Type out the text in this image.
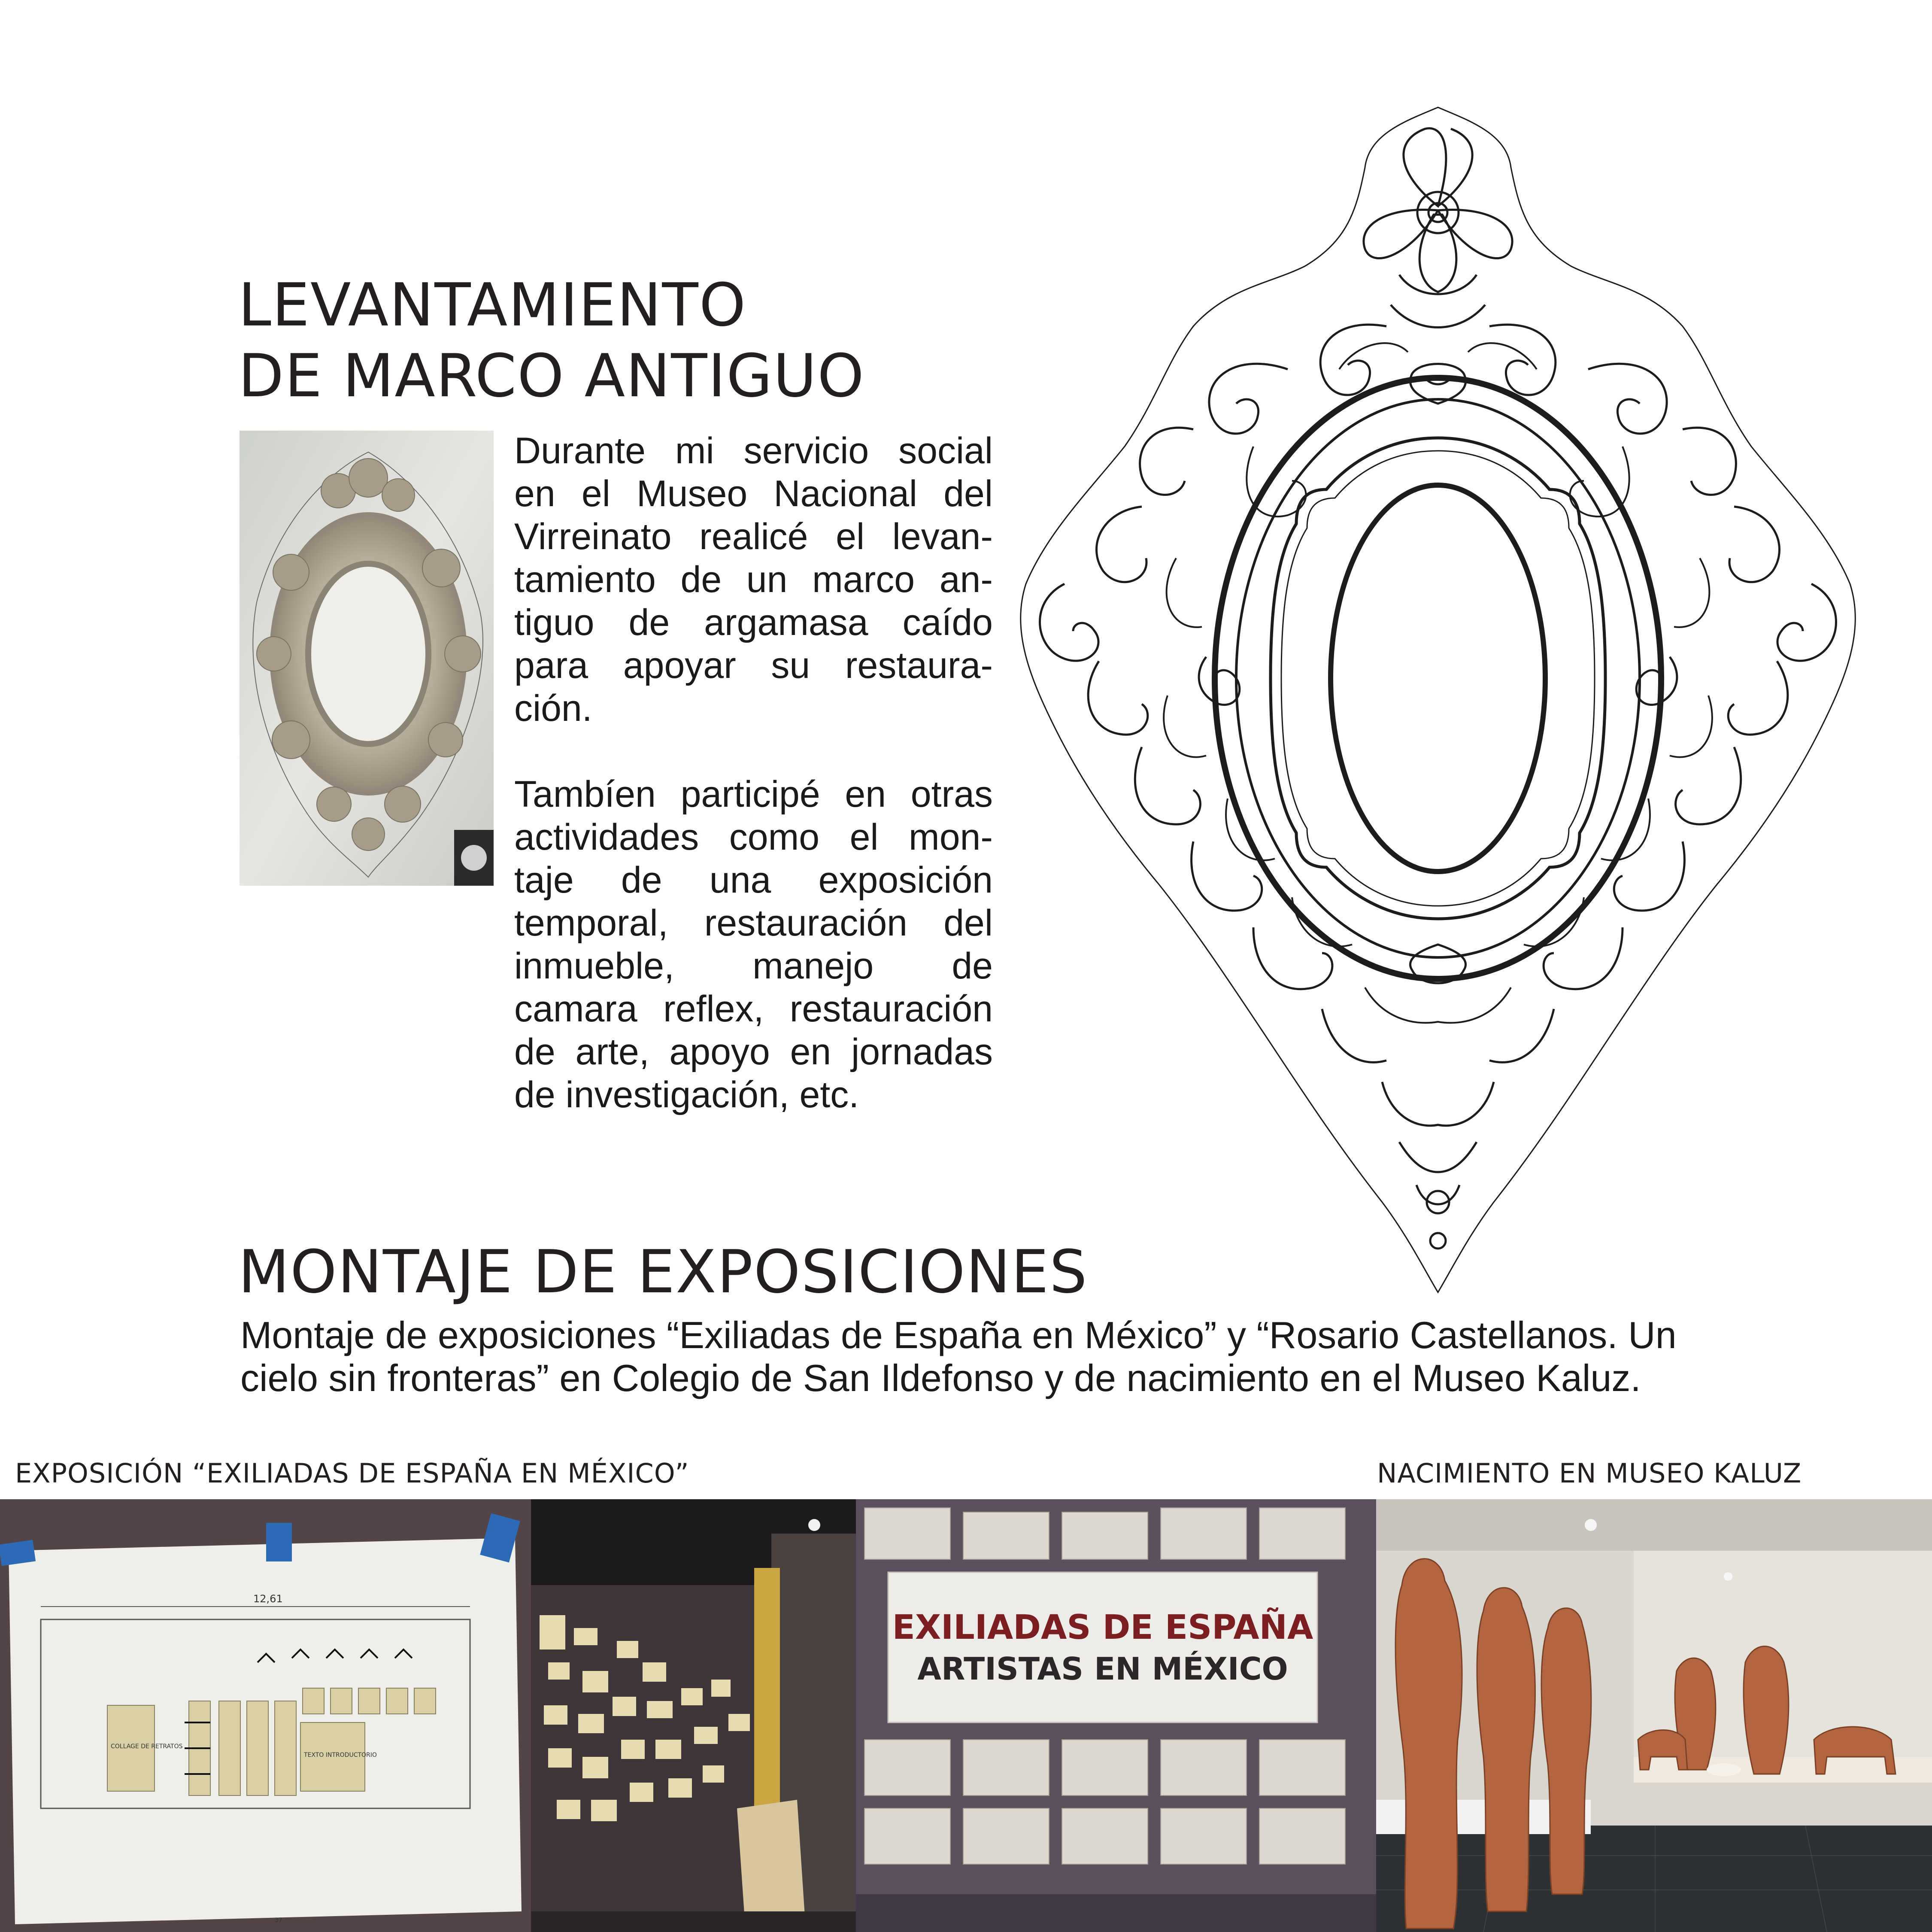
LEVANTAMIENTO
DE MARCO ANTIGUO
Durante mi servicio social
en el Museo Nacional del
Virreinato realicé el levan-
tamiento de un marco an-
tiguo de argamasa caído
para apoyar su restaura-
ción.
Tambíen participé en otras
actividades como el mon-
taje de una exposición
temporal, restauración del
inmueble, manejo de
camara reflex, restauración
de arte, apoyo en jornadas
de investigación, etc.
MONTAJE DE EXPOSICIONES
Montaje de exposiciones “Exiliadas de España en México” y “Rosario Castellanos. Un
cielo sin fronteras” en Colegio de San Ildefonso y de nacimiento en el Museo Kaluz.
EXPOSICIÓN “EXILIADAS DE ESPAÑA EN MÉXICO”	NACIMIENTO EN MUSEO KALUZ
12,61
COLLAGE DE RETRATOS
TEXTO INTRODUCTORIO
37
EXILIADAS DE ESPAÑA
ARTISTAS EN MÉXICO
